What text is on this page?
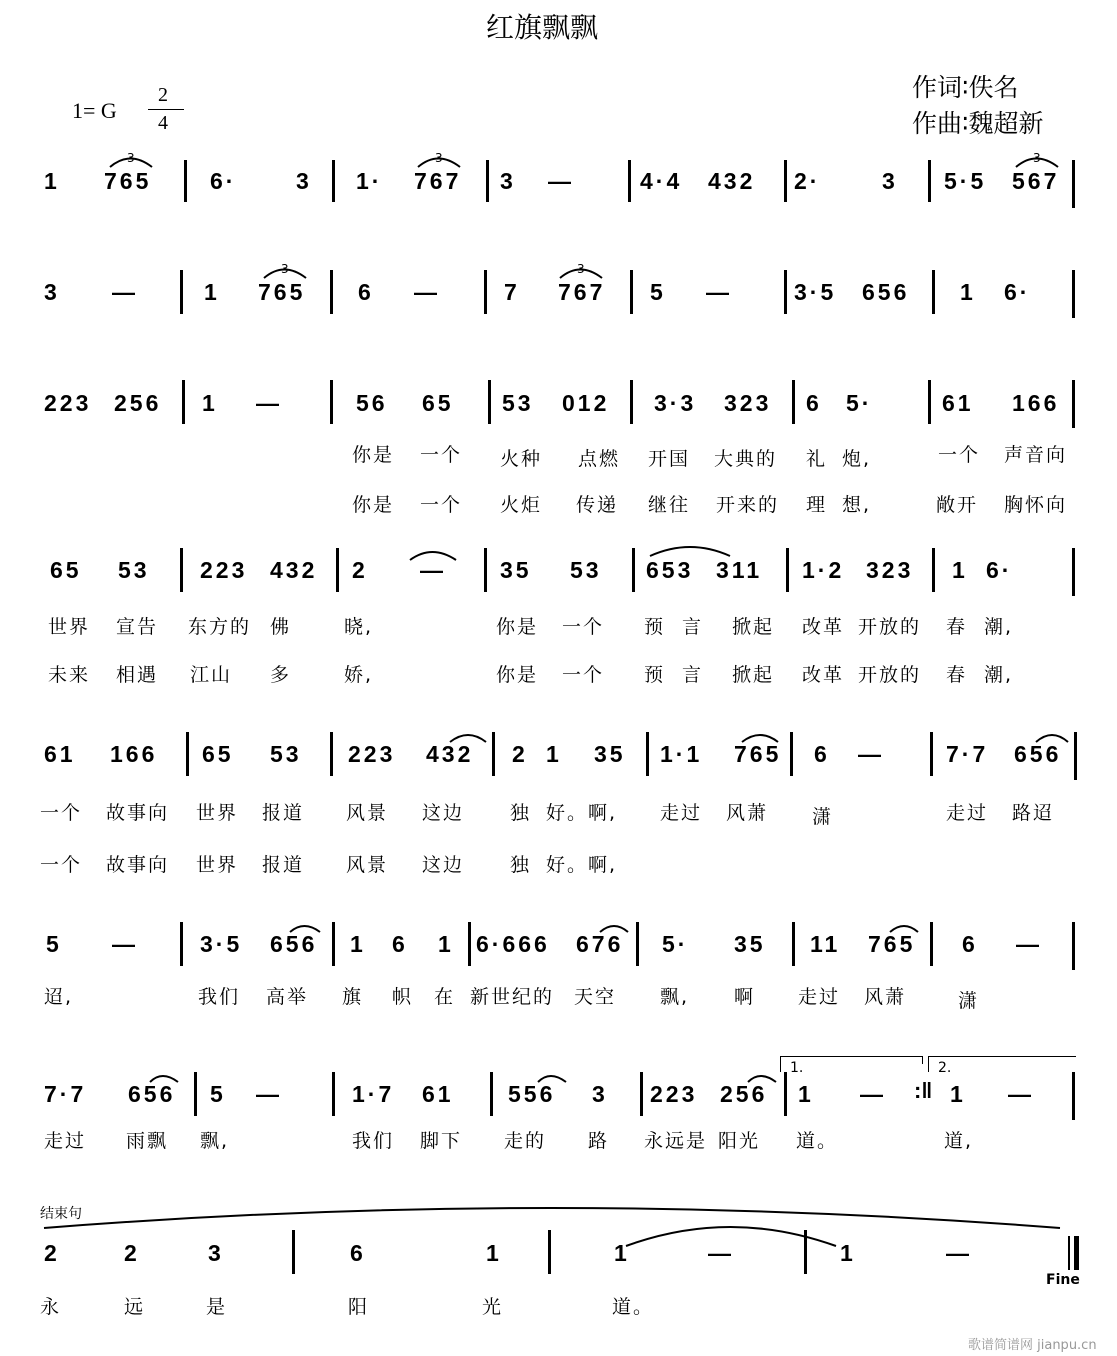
红旗飘飘
1= G
2
4
作词∶佚名
作曲∶魏超新
3	3	3
3	3
1 765	6·	3 1· 767 3 —	4·4 432 2·	3 5·5 567
3 —	1 765 6 —	7 767 5 —	3·5 656 1 6·
223 256 1 —	56 65 53 012 3·3 323 6 5·	61 166
你是 一个 火种 点燃 开国 大典的 礼 炮,	一个 声音向
你是 一个 火炬 传递 继往 开来的 理 想,	敞开 胸怀向
65 53 223 432 2 — 35 53 653 311 1·2 323 1 6·
世界 宣告 东方的 佛	晓,	你是 一个 预 言 掀起 改革 开放的 春 潮,
未来 相遇 江山 多	娇,	你是 一个 预 言 掀起 改革 开放的 春 潮,
61 166 65 53 223 432 2 1 35 1·1 765 6 —	7·7 656
一个 故事向 世界 报道 风景 这边 独 好。啊, 走过 风萧 潇	走过 路迢
一个 故事向 世界 报道 风景 这边 独 好。啊,
5 —	3·5 656 1 6 1 6·666 676 5· 35 11 765 6 —
迢,	我们 高举 旗 帜 在 新世纪的 天空 飘, 啊 走过 风萧	潇
7·7 656 5 —	1·7 61 556 3 223 256
1.
1 — :‖
2.
1 —
走过 雨飘 飘,	我们 脚下 走的 路 永远是 阳光 道。	道,
结束句
2	2	3	6	1	1	—	1	—
Fine
永	远	是	阳	光	道。
歌谱简谱网 jianpu.cn
